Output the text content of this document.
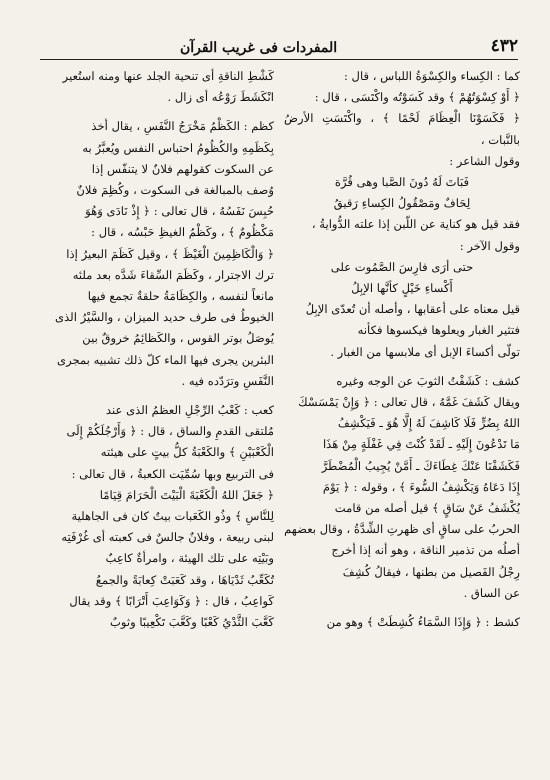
٤٣٢
المفردات فى غريب القرآن

كما : الكِساء والكِسْوَةُ اللباس ، قال :

﴿ أَوْ كِسْوَتُهُمْ ﴾ وقد كَسَوْتُه واكْتَسَى ، قال :

﴿ فَكَسَوْنَا الْعِظَامَ لَحْمًا ﴾ ، واكْتَسَتِ الأرضُ بالنَّبات ،

وقول الشاعر :

فَبَاتَ لَهُ دُونَ الصَّبا وهى قُرَّة

لِحَافٌ ومَصْقُولُ الكِساءِ رَقيقُ

فقد قيل هو كناية عن اللّبن إذا علته الدُّوايةُ ،

وقول الآخر :

حتى أرَى فارِسَ الصَّمُوت على

أَكْساءِ خَيْلٍ كأنَّها الإبِلُ

قيل معناه على أعقابها ، وأصله أن تُعدّى الإبِلُ

فتثير الغبار ويعلوها فيكسوها فكأنه

تولّى أكساءَ الإبل أى ملابسها من الغبار .

كشف : كَشَفْتُ الثوبَ عن الوجه وغيره

ويقال كَشَفَ غَمَّهُ ، قال تعالى : ﴿ وَإِنْ يَمْسَسْكَ

اللهُ بِضُرٍّ فَلَا كَاشِفَ لَهُ إِلَّا هُوَ ـ فَيَكْشِفُ

مَا تَدْعُونَ إِلَيْهِ ـ لَقَدْ كُنْتَ فِي غَفْلَةٍ مِنْ هَذَا

فَكَشَفْنَا عَنْكَ غِطَاءَكَ ـ أَمَّنْ يُجِيبُ الْمُضْطَرَّ

إِذَا دَعَاهُ وَيَكْشِفُ السُّوءَ ﴾ ، وقوله : ﴿ يَوْمَ

يُكْشَفُ عَنْ سَاقٍ ﴾ قيل أصله من قامت

الحربُ على ساقٍ أى ظهرتِ الشِّدَّةُ ، وقال بعضهم

أصلُه من تذمير الناقة ، وهو أنه إذا أخرج

رِجْلُ الفَصيل من بطنها ، فيقالُ كُشِفَ

عن الساق .

كشط : ﴿ وَإِذَا السَّمَاءُ كُشِطَتْ ﴾ وهو من

كَشْطِ الناقةِ أى تنحية الجلد عنها ومنه استُعير

انْكَشَطَ رَوْعُه أى زال .

كظم : الكَظْمُ مَخْرَجُ النَّفَسِ ، يقال أخذ

بِكَظَمِهِ والكُظُومُ احتباس النفس ويُعبَّرُ به

عن السكوت كقولهم فلانٌ لا يتنفّس إذا

وُصف بالمبالغة فى السكوت ، وكُظِمَ فلانٌ

حُبِسَ نَفَسُهُ ، قال تعالى : ﴿ إِذْ نَادَى وَهُوَ

مَكْظُومٌ ﴾ ، وكَظْمُ الغيظِ حَبْسُه ، قال :

﴿ وَالْكَاظِمِينَ الْغَيْظَ ﴾ ، وقيل كَظَمَ البعيرُ إذا

ترك الاجترار ، وكَظَمَ السِّقاءَ شَدَّه بعد ملئه

مانعاً لنفسه ، والكِظَامَةُ حلقةٌ تجمع فيها

الخيوطُ فى طرف حديد الميزان ، والسَّيْرُ الذى

يُوصَلُ بوتر القوس ، والكَظائِمُ خروقٌ بين

البئرين يجرى فيها الماء كلّ ذلك تشبيه بمجرى

النَّفَسِ وترَدّده فيه .

كعب : كَعْبُ الرِّجْلِ العظمُ الذى عند

مُلتقى القدمِ والساق ، قال : ﴿ وَأَرْجُلَكُمْ إِلَى

الْكَعْبَيْنِ ﴾ والكَعْبَةُ كلُّ بيتٍ على هيئته

فى التربيع وبها سُمِّيَت الكعبةُ ، قال تعالى :

﴿ جَعَلَ اللهُ الْكَعْبَةَ الْبَيْتَ الْحَرَامَ قِيَامًا

لِلنَّاسِ ﴾ وذُو الكَعَبات بيتٌ كان فى الجاهلية

لبنى ربيعة ، وفلانٌ جالسٌ فى كعبته أى غُرْفَتِه

وبَيْتِه على تلك الهيئة ، وامرأةٌ كاعِبٌ

تُكَعِّبُ ثَدْيَاهَا ، وقد كَعَبَتْ كِعابَةً والجمعُ

كَواعِبُ ، قال : ﴿ وَكَوَاعِبَ أَتْرَابًا ﴾ وقد يقال

كَعَّبَ الثَّدْيُ كَعْبًا وكَعَّبَ تَكْعِيبًا وثوبٌ
